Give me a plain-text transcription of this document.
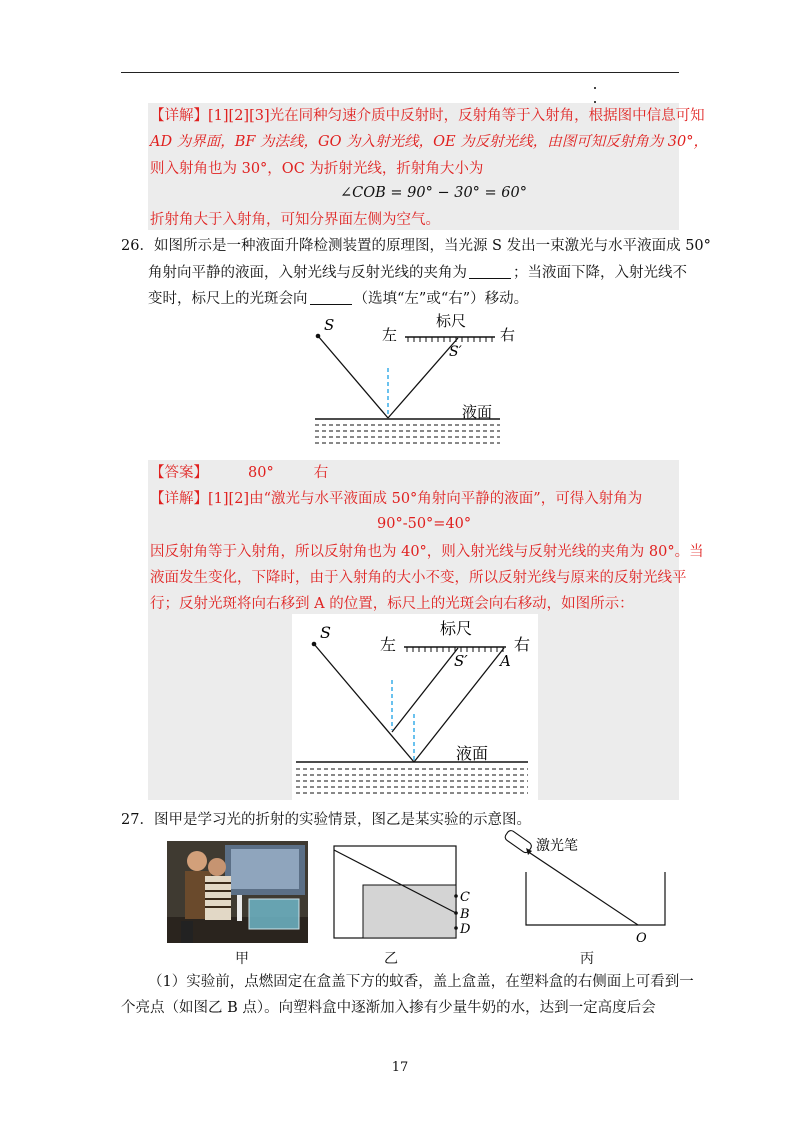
【详解】[1][2][3]光在同种匀速介质中反射时，反射角等于入射角，根据图中信息可知
AD 为界面，BF 为法线，GO 为入射光线，OE 为反射光线，由图可知反射角为 30°，
则入射角也为 30°，OC 为折射光线，折射角大小为
∠COB = 90° − 30° = 60°
折射角大于入射角，可知分界面左侧为空气。
26．如图所示是一种液面升降检测装置的原理图，当光源 S 发出一束激光与水平液面成 50°
角射向平静的液面，入射光线与反射光线的夹角为	；当液面下降，入射光线不
变时，标尺上的光斑会向	（选填“左”或“右”）移动。
S
左
标尺
右
S′
液面
【答案】	80°	右
【详解】[1][2]由“激光与水平液面成 50°角射向平静的液面”，可得入射角为
90°-50°=40°
因反射角等于入射角，所以反射角也为 40°，则入射光线与反射光线的夹角为 80°。当
液面发生变化，下降时，由于入射角的大小不变，所以反射光线与原来的反射光线平
行；反射光斑将向右移到 A 的位置，标尺上的光斑会向右移动，如图所示：
S
左
标尺
右
S′ A
液面
27．图甲是学习光的折射的实验情景，图乙是某实验的示意图。
甲
C
B
D
乙
激光笔
O
丙
（1）实验前，点燃固定在盒盖下方的蚊香，盖上盒盖，在塑料盒的右侧面上可看到一
个亮点（如图乙 B 点）。向塑料盒中逐渐加入掺有少量牛奶的水，达到一定高度后会
17
